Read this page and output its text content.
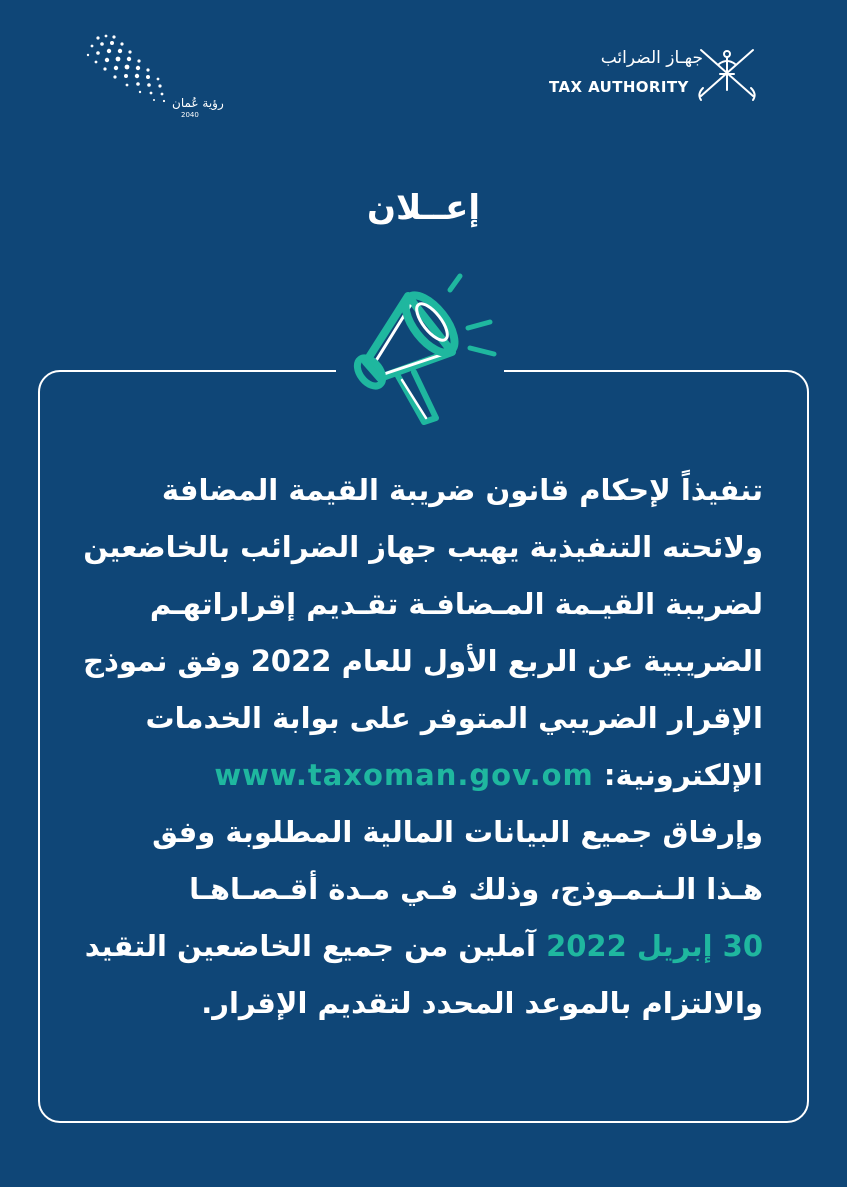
رؤية عُمان
2040
جهـاز الضرائب
TAX AUTHORITY
إعــلان
تنفيذاً لإحكام قانون ضريبة القيمة المضافة
ولائحته التنفيذية يهيب جهاز الضرائب بالخاضعين
لضريبة القيـمة المـضافـة تقـديم إقراراتهـم
الضريبية عن الربع الأول للعام 2022 وفق نموذج
الإقرار الضريبي المتوفر على بوابة الخدمات
الإلكترونية: www.taxoman.gov.om
وإرفاق جميع البيانات المالية المطلوبة وفق
هـذا الـنـمـوذج، وذلك فـي مـدة أقـصـاهـا
30 إبريل 2022 آملين من جميع الخاضعين التقيد
والالتزام بالموعد المحدد لتقديم الإقرار.
